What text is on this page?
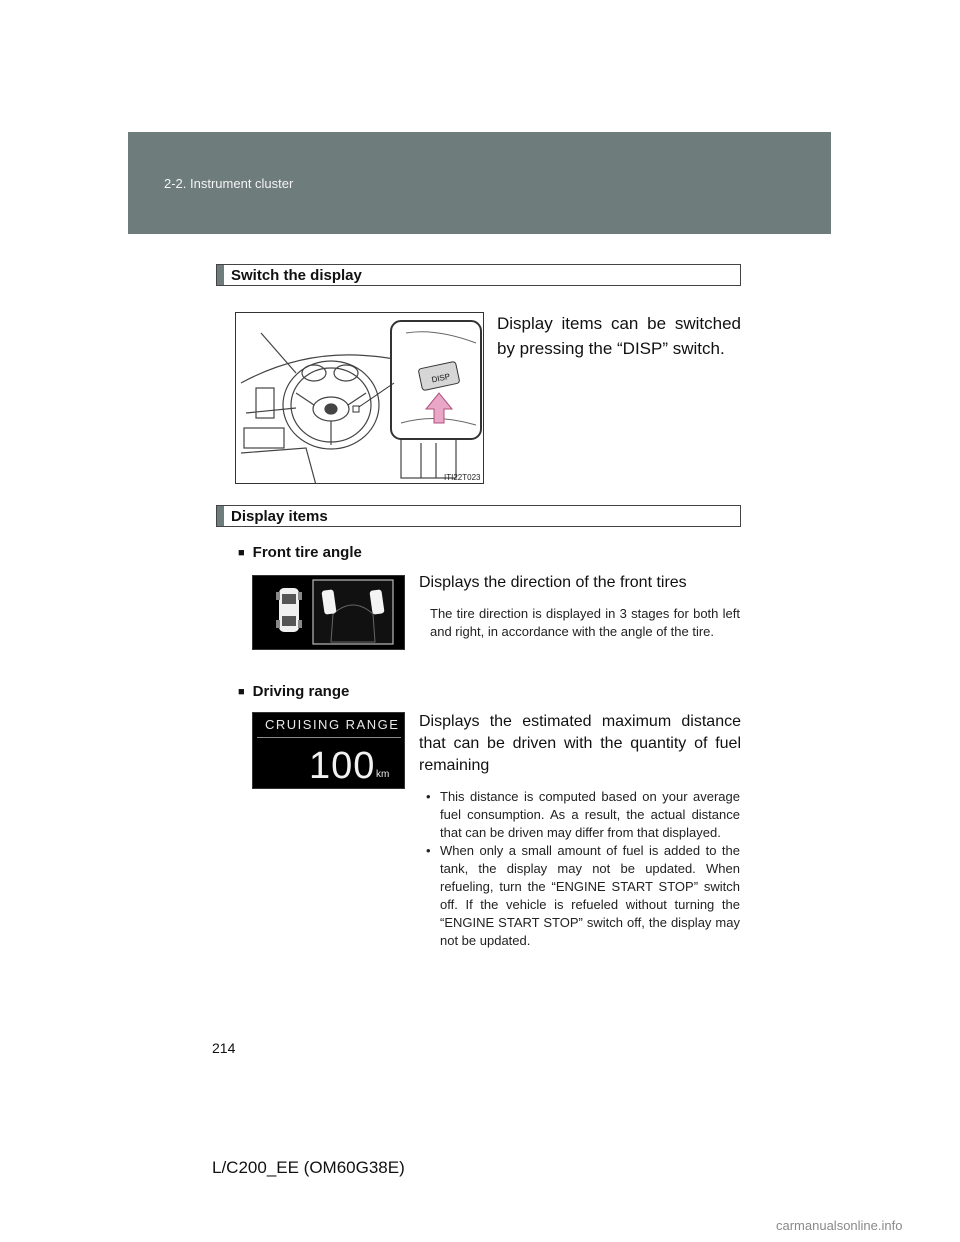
2-2. Instrument cluster
Switch the display
DISP
ITI22T023
Display items can be switched by pressing the “DISP” switch.
Display items
■ Front tire angle
Displays the direction of the front tires
The tire direction is displayed in 3 stages for both left and right, in accordance with the angle of the tire.
■ Driving range
CRUISING RANGE
100 km
Displays the estimated maximum distance that can be driven with the quantity of fuel remaining
• This distance is computed based on your average fuel consumption. As a result, the actual distance that can be driven may differ from that displayed.
• When only a small amount of fuel is added to the tank, the display may not be updated. When refueling, turn the “ENGINE START STOP” switch off. If the vehicle is refueled without turning the “ENGINE START STOP” switch off, the display may not be updated.
214
L/C200_EE (OM60G38E)
carmanualsonline.info
